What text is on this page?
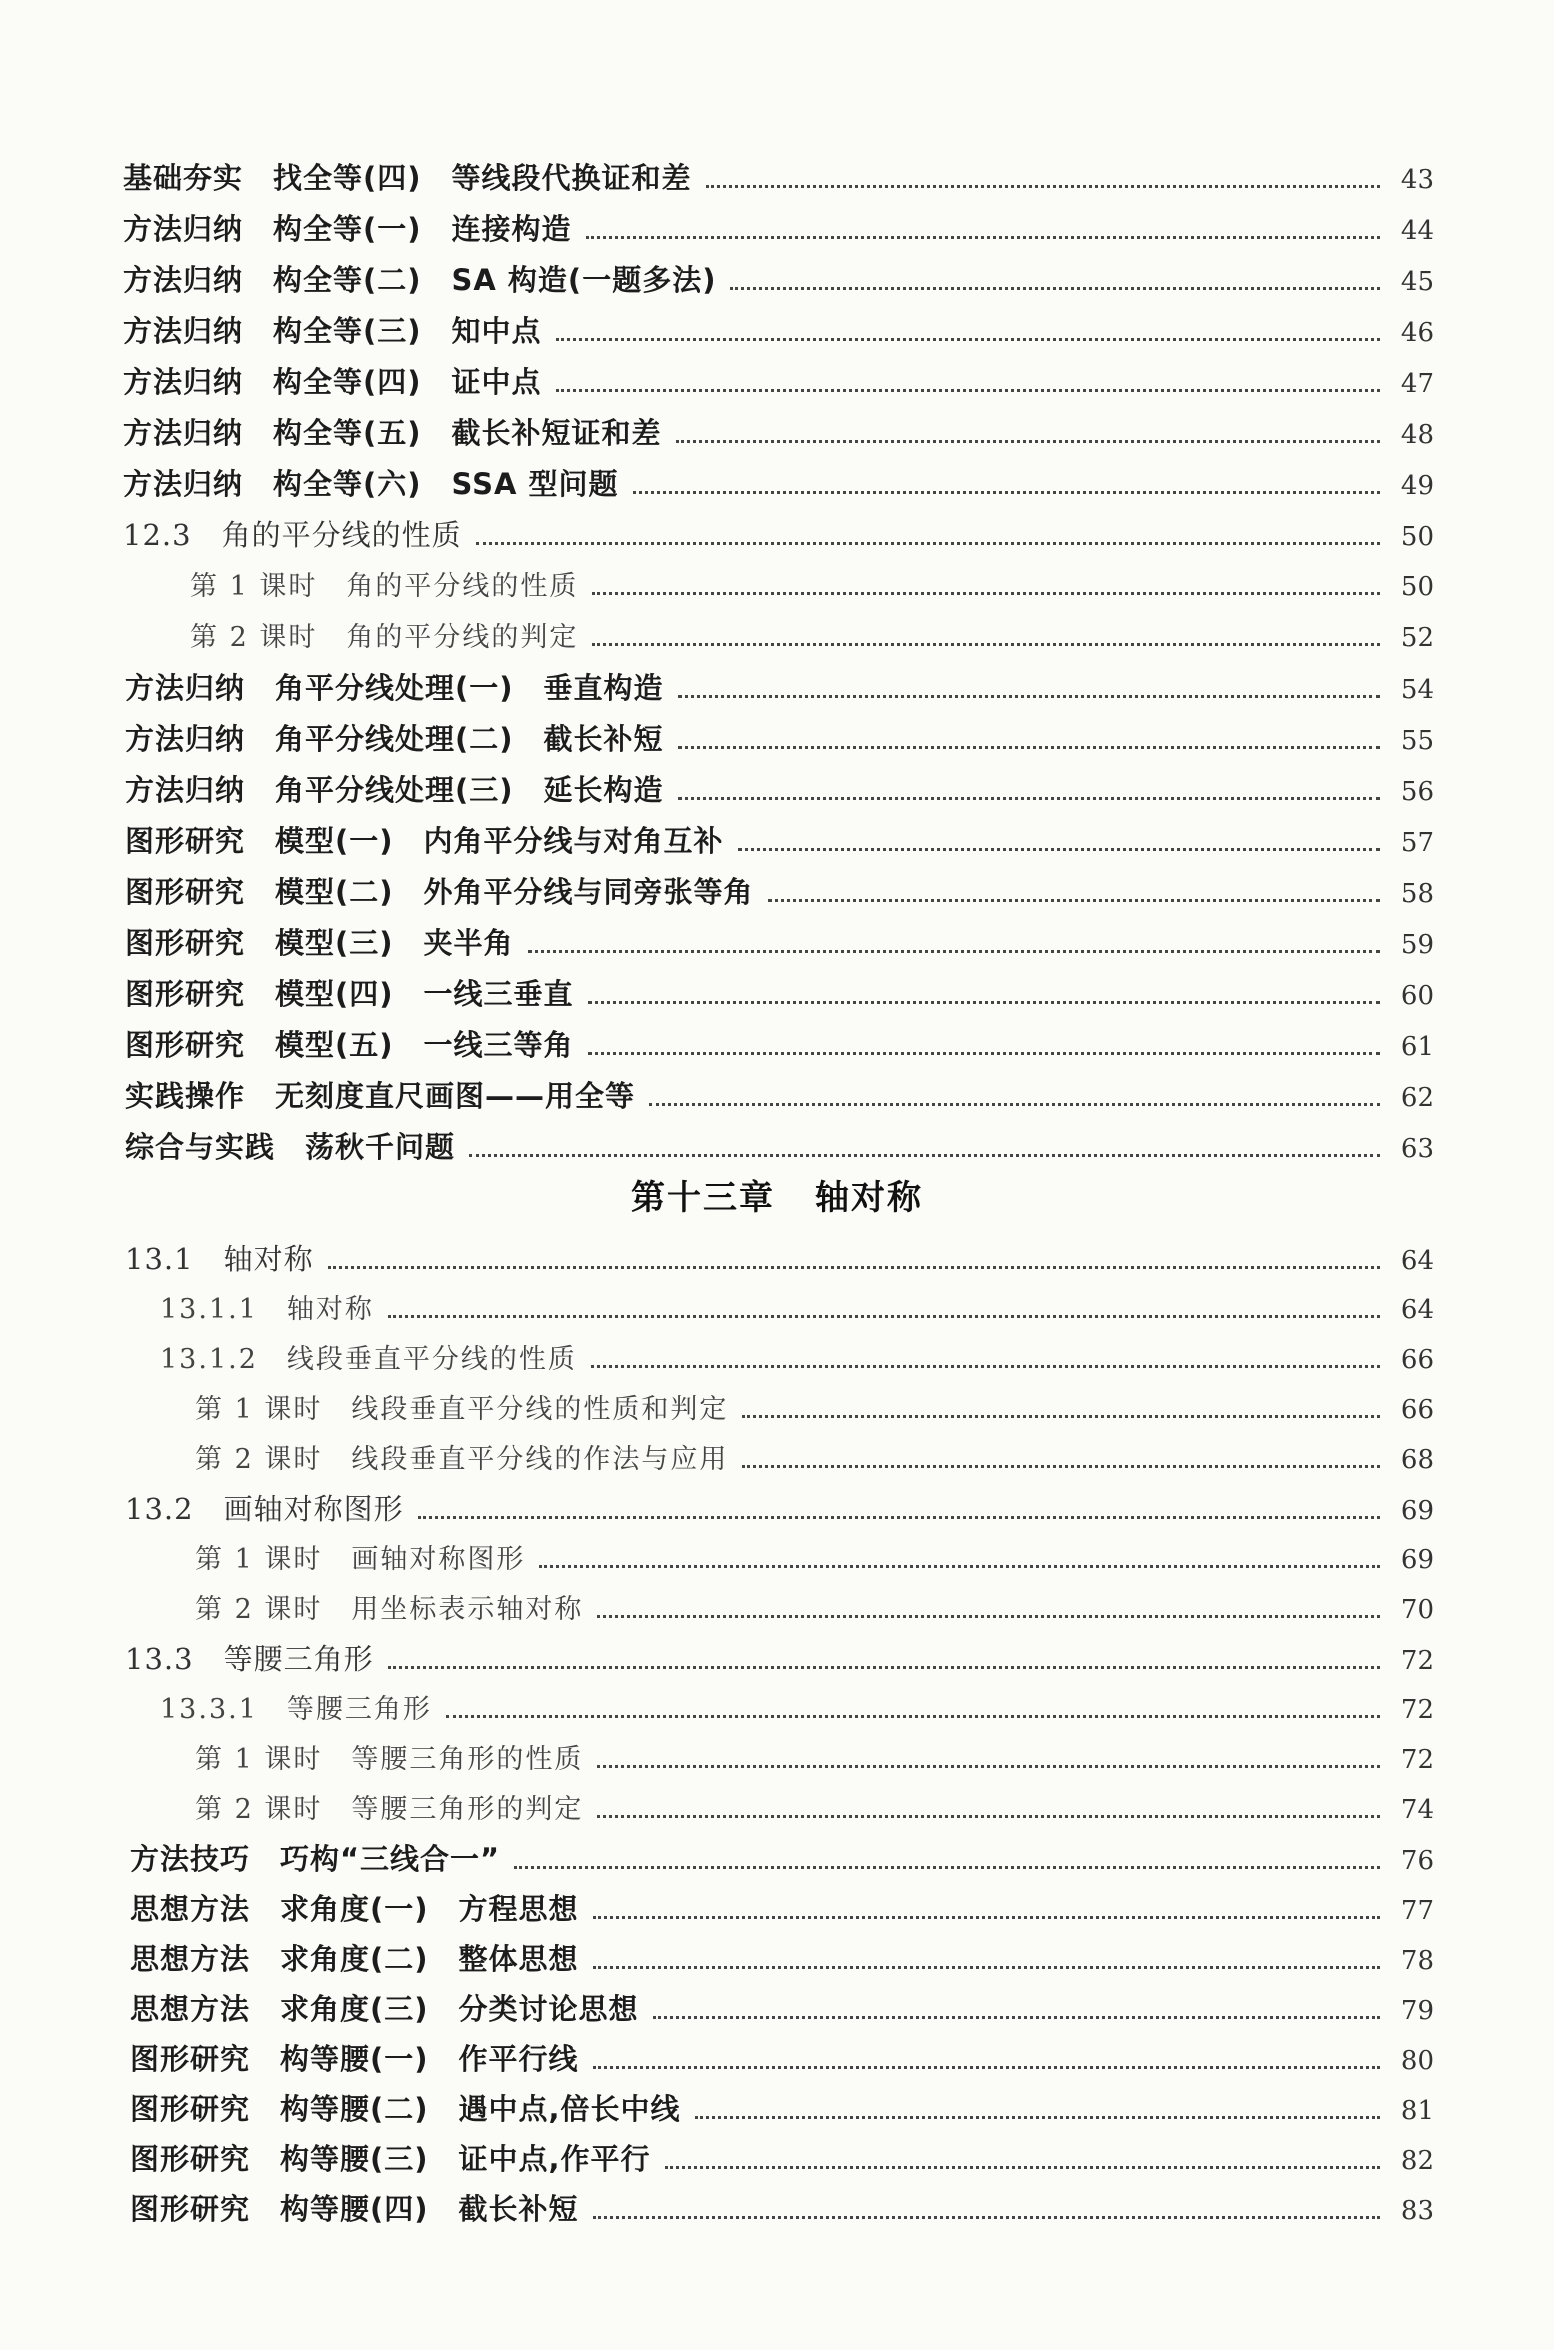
基础夯实　找全等(四)　等线段代换证和差	43
方法归纳　构全等(一)　连接构造	44
方法归纳　构全等(二)　SA 构造(一题多法)	45
方法归纳　构全等(三)　知中点	46
方法归纳　构全等(四)　证中点	47
方法归纳　构全等(五)　截长补短证和差	48
方法归纳　构全等(六)　SSA 型问题	49
12.3　角的平分线的性质	50
第 1 课时　角的平分线的性质	50
第 2 课时　角的平分线的判定	52
方法归纳　角平分线处理(一)　垂直构造	54
方法归纳　角平分线处理(二)　截长补短	55
方法归纳　角平分线处理(三)　延长构造	56
图形研究　模型(一)　内角平分线与对角互补	57
图形研究　模型(二)　外角平分线与同旁张等角	58
图形研究　模型(三)　夹半角	59
图形研究　模型(四)　一线三垂直	60
图形研究　模型(五)　一线三等角	61
实践操作　无刻度直尺画图——用全等	62
综合与实践　荡秋千问题	63
第十三章 轴对称
13.1　轴对称	64
13.1.1　轴对称	64
13.1.2　线段垂直平分线的性质	66
第 1 课时　线段垂直平分线的性质和判定	66
第 2 课时　线段垂直平分线的作法与应用	68
13.2　画轴对称图形	69
第 1 课时　画轴对称图形	69
第 2 课时　用坐标表示轴对称	70
13.3　等腰三角形	72
13.3.1　等腰三角形	72
第 1 课时　等腰三角形的性质	72
第 2 课时　等腰三角形的判定	74
方法技巧　巧构“三线合一”	76
思想方法　求角度(一)　方程思想	77
思想方法　求角度(二)　整体思想	78
思想方法　求角度(三)　分类讨论思想	79
图形研究　构等腰(一)　作平行线	80
图形研究　构等腰(二)　遇中点,倍长中线	81
图形研究　构等腰(三)　证中点,作平行	82
图形研究　构等腰(四)　截长补短	83
